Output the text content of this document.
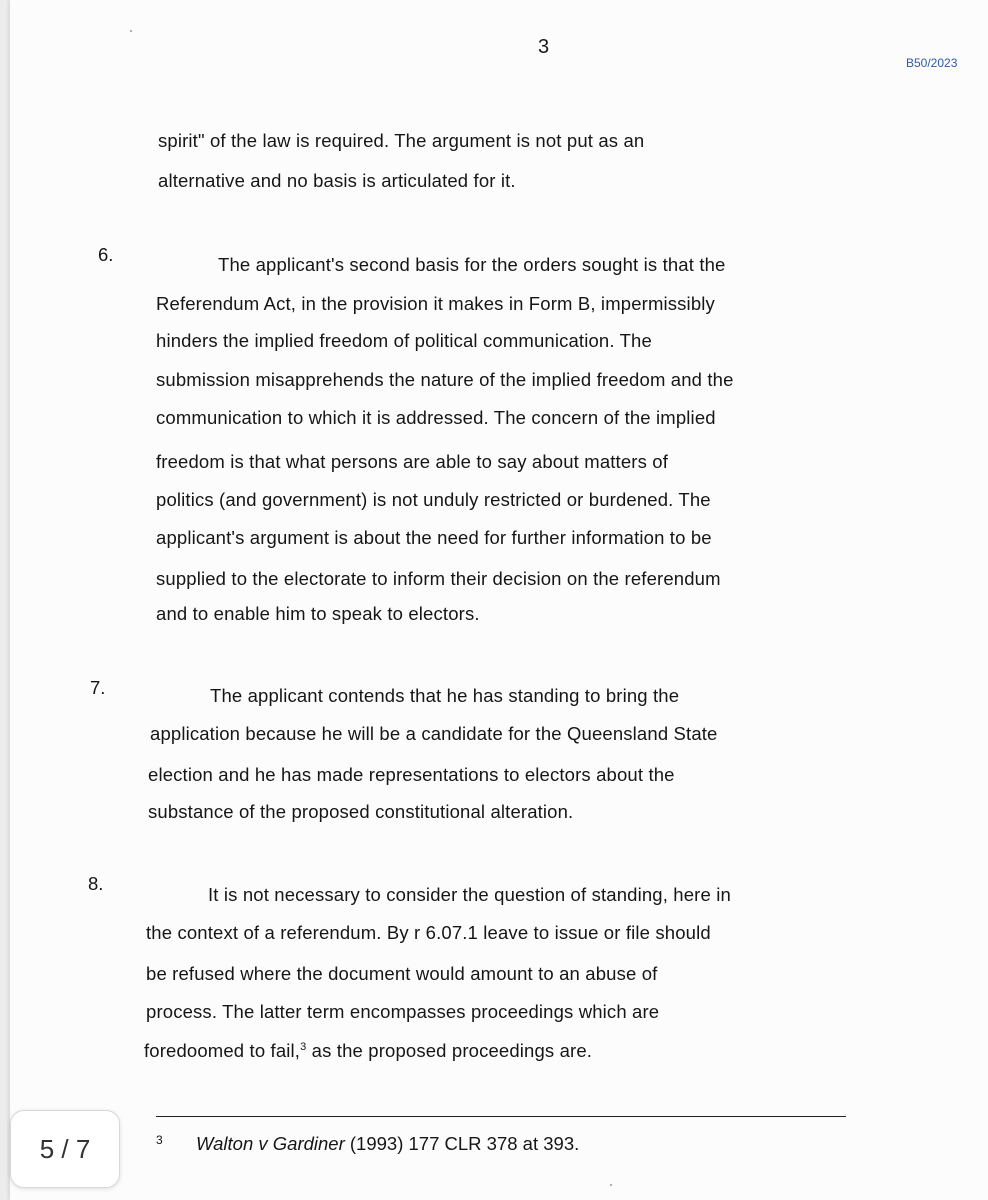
3
B50/2023
spirit" of the law is required. The argument is not put as an
alternative and no basis is articulated for it.
6.	The applicant's second basis for the orders sought is that the
Referendum Act, in the provision it makes in Form B, impermissibly
hinders the implied freedom of political communication. The
submission misapprehends the nature of the implied freedom and the
communication to which it is addressed. The concern of the implied
freedom is that what persons are able to say about matters of
politics (and government) is not unduly restricted or burdened. The
applicant's argument is about the need for further information to be
supplied to the electorate to inform their decision on the referendum
and to enable him to speak to electors.
7.	The applicant contends that he has standing to bring the
application because he will be a candidate for the Queensland State
election and he has made representations to electors about the
substance of the proposed constitutional alteration.
8.
It is not necessary to consider the question of standing, here in
the context of a referendum. By r 6.07.1 leave to issue or file should
be refused where the document would amount to an abuse of
process. The latter term encompasses proceedings which are
foredoomed to fail,$^3$ as the proposed proceedings are.
3 Walton v Gardiner (1993) 177 CLR 378 at 393.
5 / 7
